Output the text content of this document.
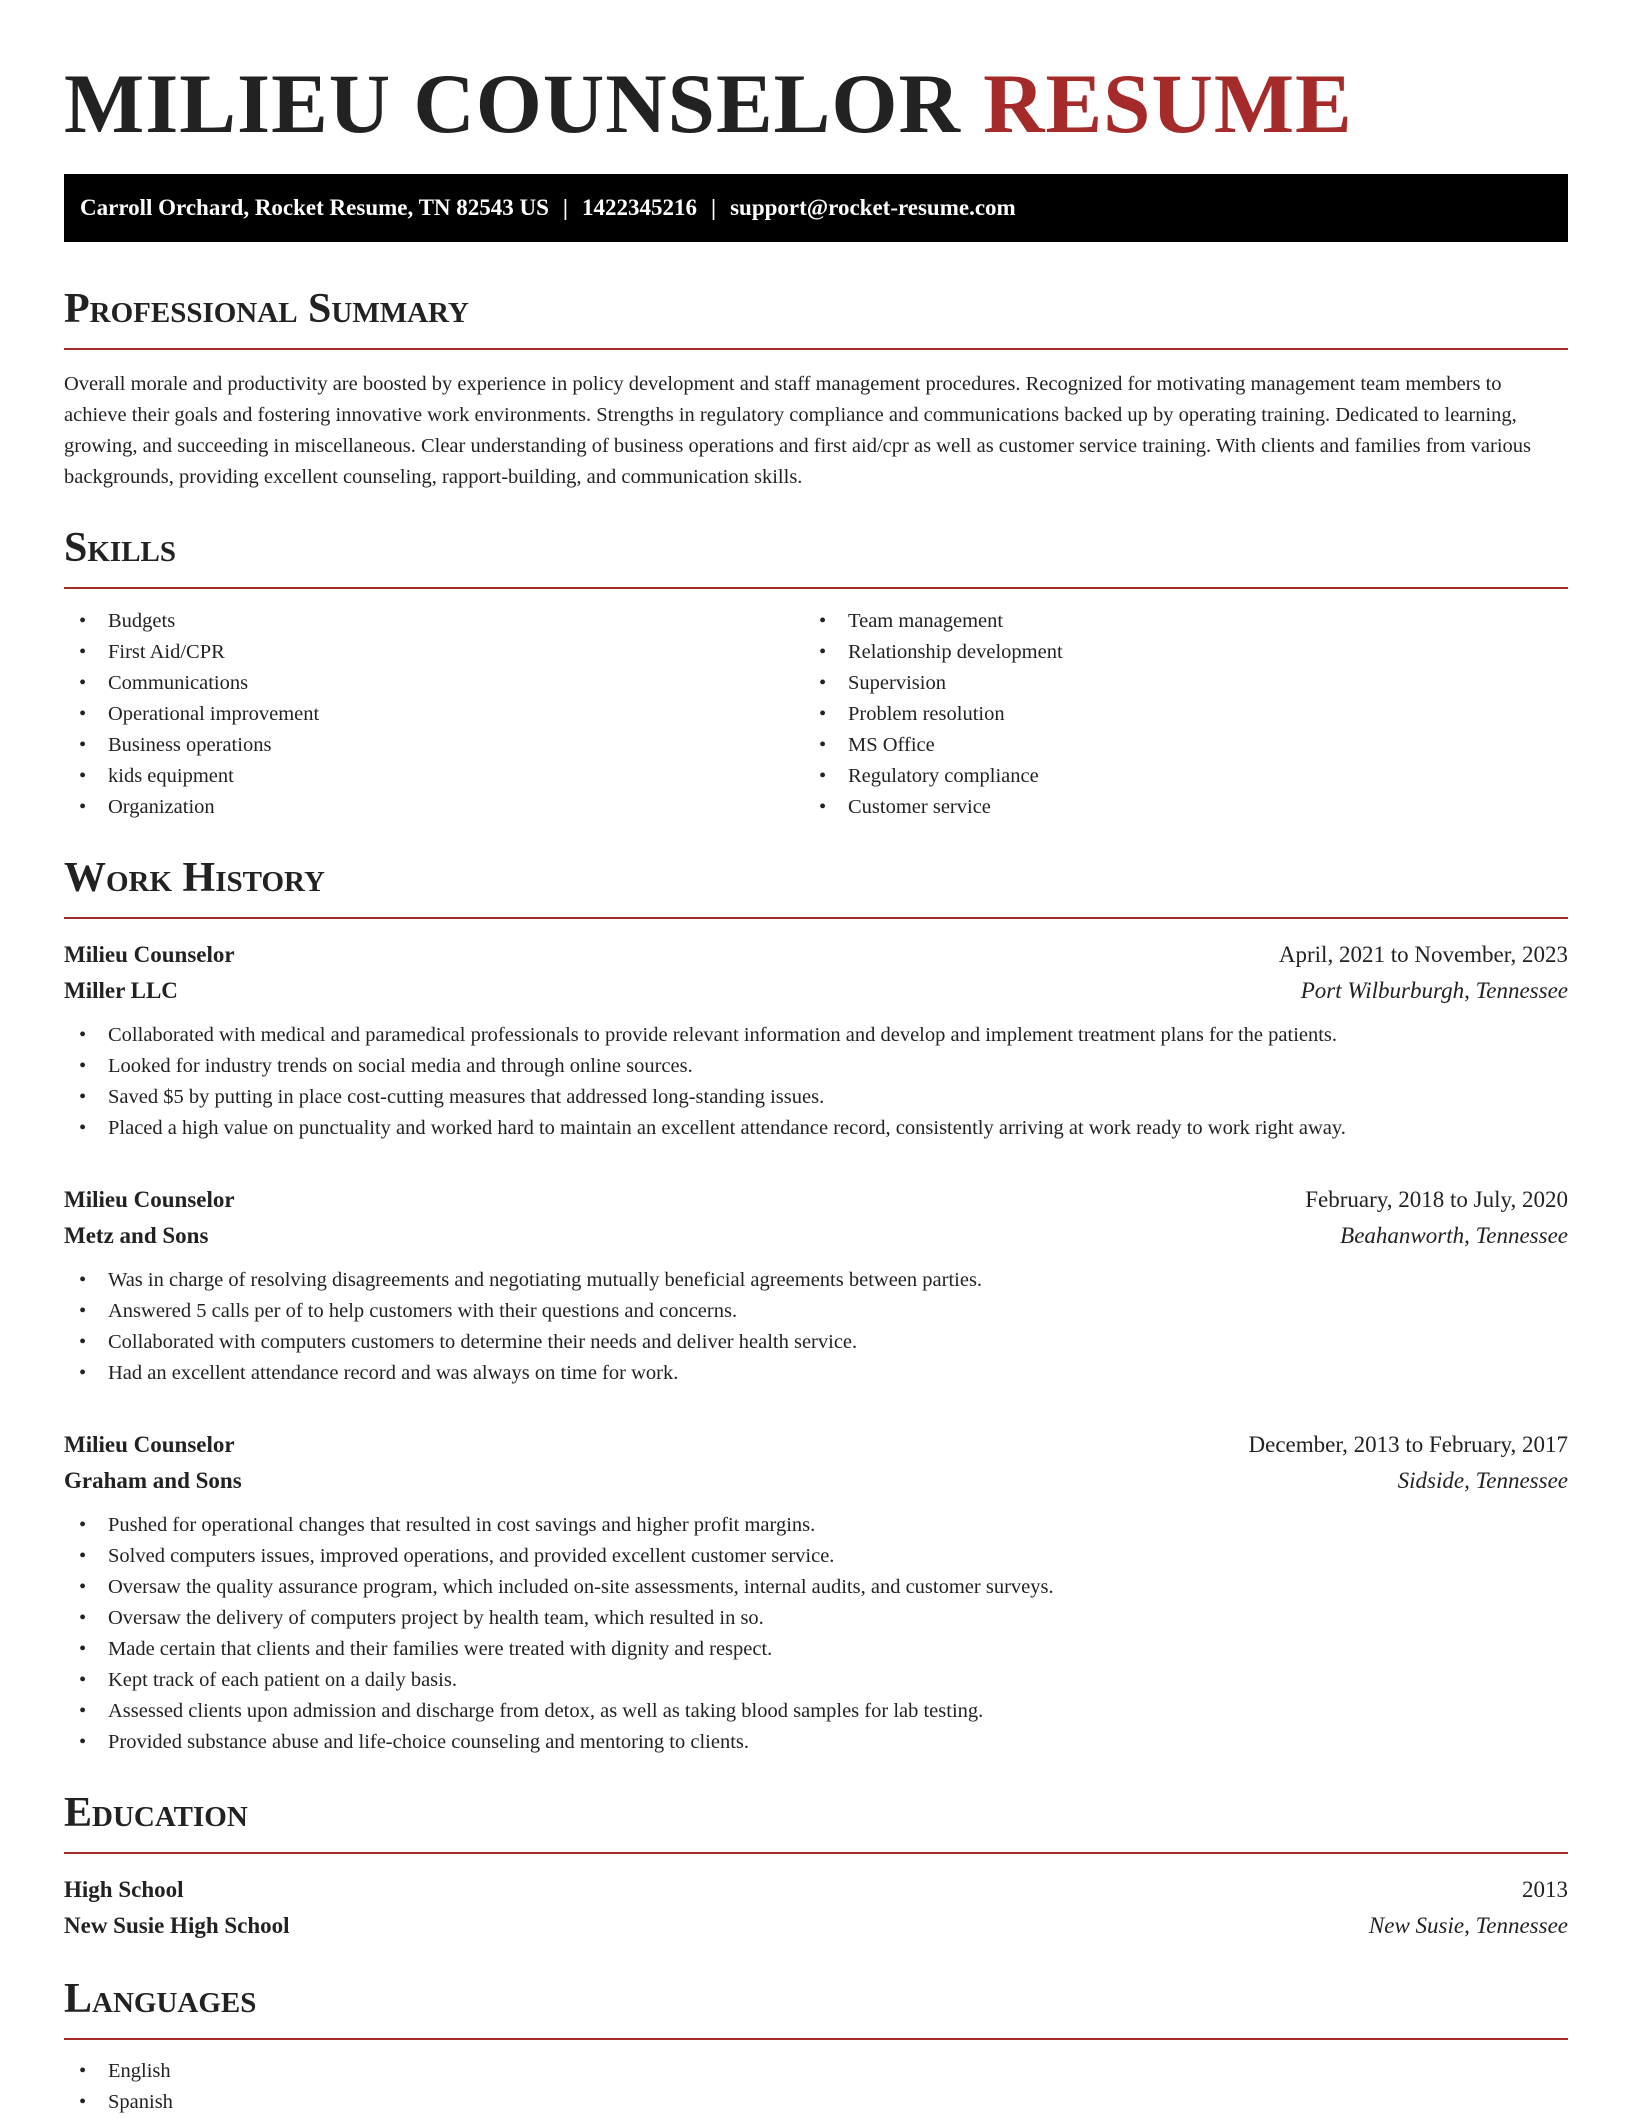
MILIEU COUNSELOR RESUME
Carroll Orchard, Rocket Resume, TN 82543 US | 1422345216 | support@rocket-resume.com
Professional Summary

Overall morale and productivity are boosted by experience in policy development and staff management procedures. Recognized for motivating management team members to achieve their goals and fostering innovative work environments. Strengths in regulatory compliance and communications backed up by operating training. Dedicated to learning, growing, and succeeding in miscellaneous. Clear understanding of business operations and first aid/cpr as well as customer service training. With clients and families from various backgrounds, providing excellent counseling, rapport-building, and communication skills.

Skills
• Budgets
• First Aid/CPR
• Communications
• Operational improvement
• Business operations
• kids equipment
• Organization
• Team management
• Relationship development
• Supervision
• Problem resolution
• MS Office
• Regulatory compliance
• Customer service
Work History
Milieu Counselor	April, 2021 to November, 2023
Miller LLC	Port Wilburburgh, Tennessee
• Collaborated with medical and paramedical professionals to provide relevant information and develop and implement treatment plans for the patients.
• Looked for industry trends on social media and through online sources.
• Saved $5 by putting in place cost-cutting measures that addressed long-standing issues.
• Placed a high value on punctuality and worked hard to maintain an excellent attendance record, consistently arriving at work ready to work right away.
Milieu Counselor	February, 2018 to July, 2020
Metz and Sons	Beahanworth, Tennessee
• Was in charge of resolving disagreements and negotiating mutually beneficial agreements between parties.
• Answered 5 calls per of to help customers with their questions and concerns.
• Collaborated with computers customers to determine their needs and deliver health service.
• Had an excellent attendance record and was always on time for work.
Milieu Counselor	December, 2013 to February, 2017
Graham and Sons	Sidside, Tennessee
• Pushed for operational changes that resulted in cost savings and higher profit margins.
• Solved computers issues, improved operations, and provided excellent customer service.
• Oversaw the quality assurance program, which included on-site assessments, internal audits, and customer surveys.
• Oversaw the delivery of computers project by health team, which resulted in so.
• Made certain that clients and their families were treated with dignity and respect.
• Kept track of each patient on a daily basis.
• Assessed clients upon admission and discharge from detox, as well as taking blood samples for lab testing.
• Provided substance abuse and life-choice counseling and mentoring to clients.
Education
High School	2013
New Susie High School	New Susie, Tennessee
Languages
• English
• Spanish
